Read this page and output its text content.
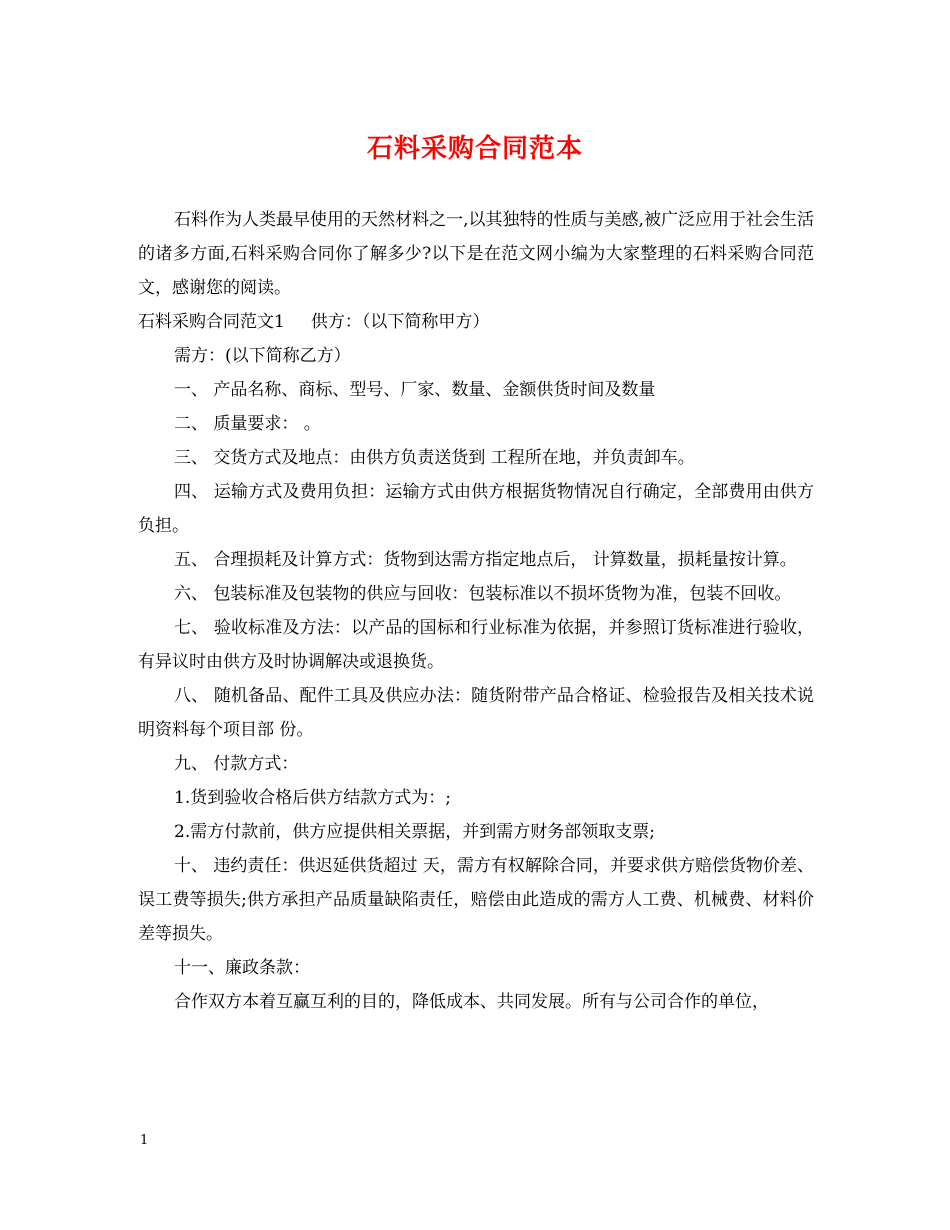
石料采购合同范本

石料作为人类最早使用的天然材料之一,以其独特的性质与美感,被广泛应用于社会生活的诸多方面,石料采购合同你了解多少?以下是在范文网小编为大家整理的石料采购合同范文，感谢您的阅读。

石料采购合同范文1 供方：（以下简称甲方）

需方：(以下简称乙方）

一、 产品名称、商标、型号、厂家、数量、金额供货时间及数量

二、 质量要求： 。

三、 交货方式及地点：由供方负责送货到 工程所在地，并负责卸车。

四、 运输方式及费用负担：运输方式由供方根据货物情况自行确定，全部费用由供方负担。

五、 合理损耗及计算方式：货物到达需方指定地点后， 计算数量，损耗量按计算。

六、 包装标准及包装物的供应与回收：包装标准以不损坏货物为准，包装不回收。

七、 验收标准及方法：以产品的国标和行业标准为依据，并参照订货标准进行验收，有异议时由供方及时协调解决或退换货。

八、 随机备品、配件工具及供应办法：随货附带产品合格证、检验报告及相关技术说明资料每个项目部 份。

九、 付款方式：

1.货到验收合格后供方结款方式为：;

2.需方付款前，供方应提供相关票据，并到需方财务部领取支票;

十、 违约责任：供迟延供货超过 天，需方有权解除合同，并要求供方赔偿货物价差、误工费等损失;供方承担产品质量缺陷责任，赔偿由此造成的需方人工费、机械费、材料价差等损失。

十一、廉政条款：

合作双方本着互赢互利的目的，降低成本、共同发展。所有与公司合作的单位，

1
